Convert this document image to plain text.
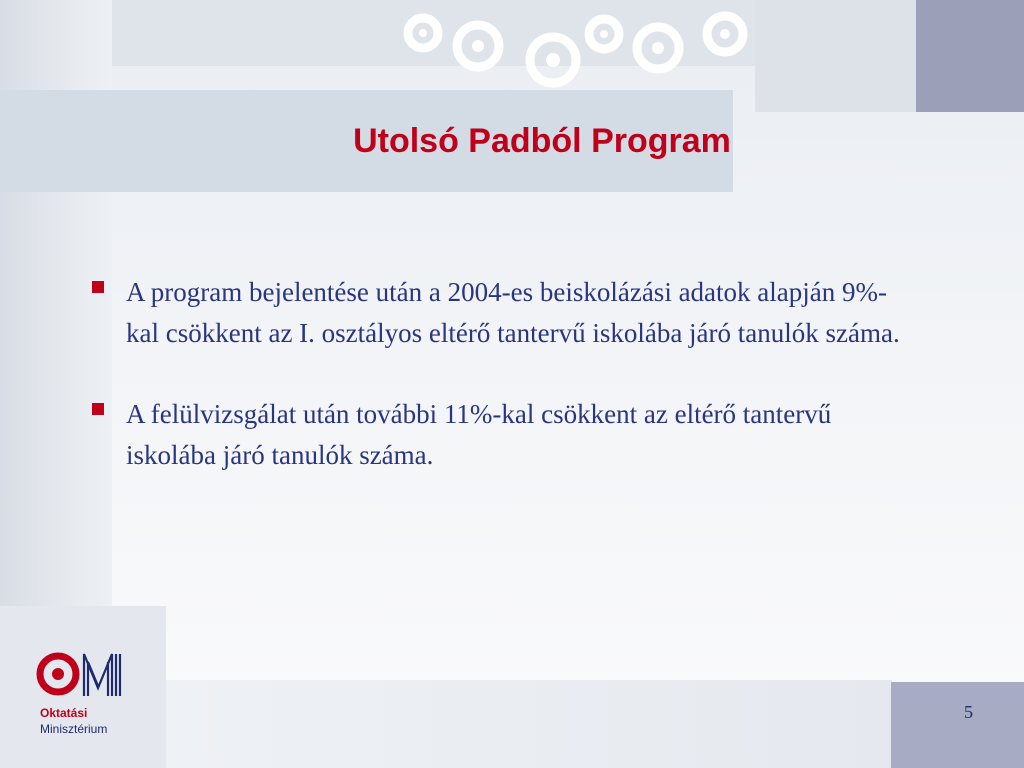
Utolsó Padból Program
A program bejelentése után a 2004-es beiskolázási adatok alapján 9%-kal csökkent az I. osztályos eltérő tantervű iskolába járó tanulók száma.
A felülvizsgálat után további 11%-kal csökkent az eltérő tantervű iskolába járó tanulók száma.
5
Oktatási
Minisztérium
